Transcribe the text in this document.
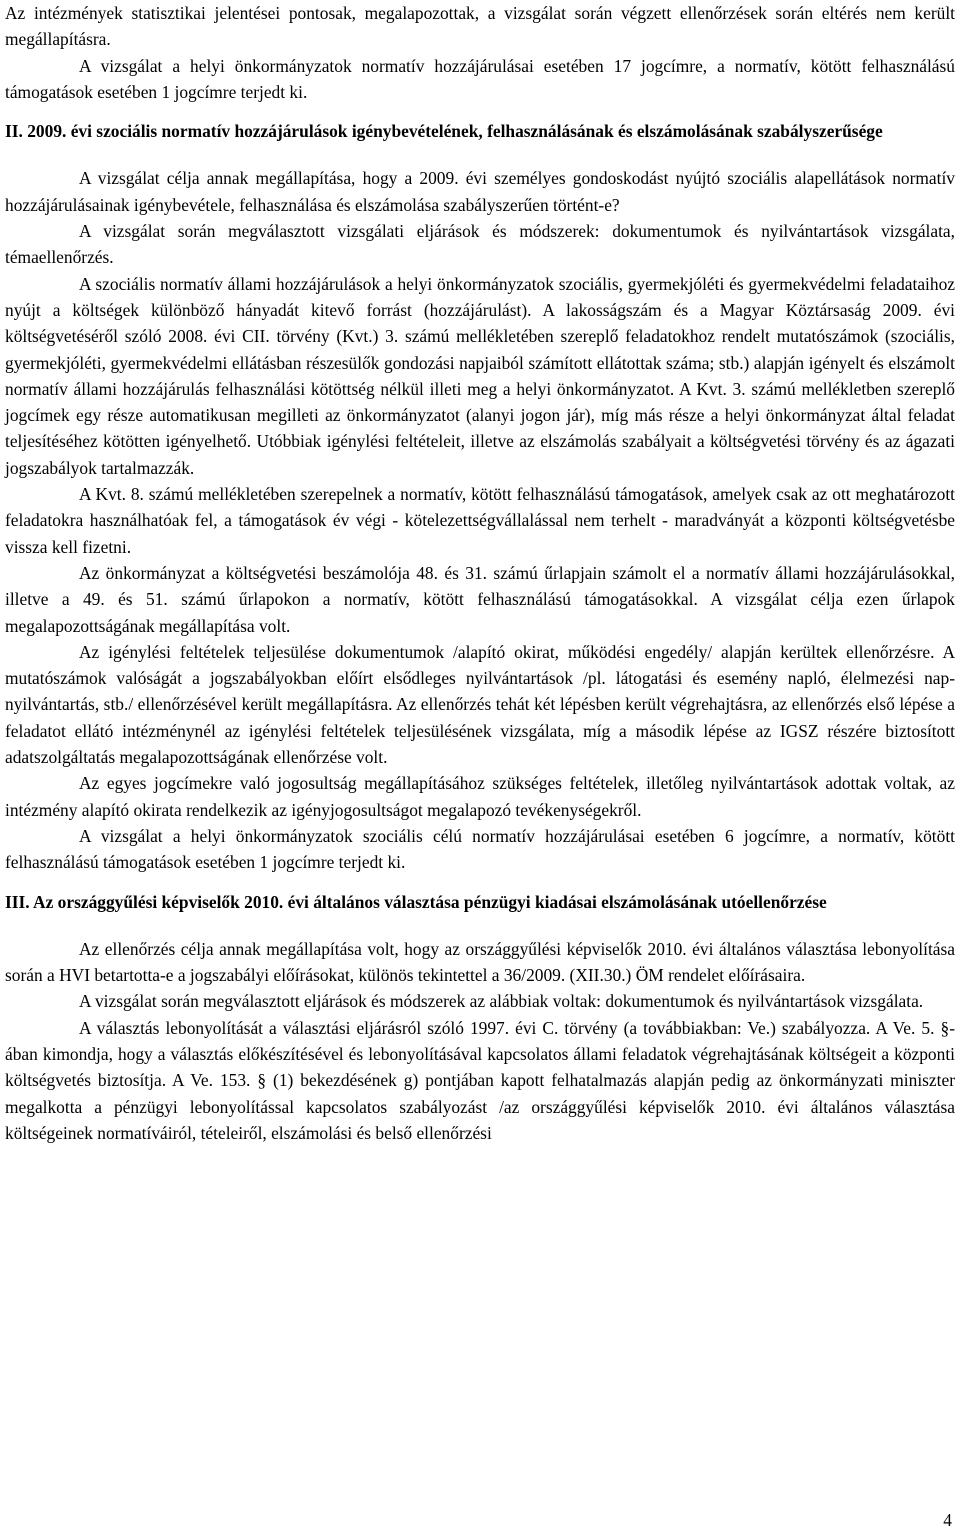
Az intézmények statisztikai jelentései pontosak, megalapozottak, a vizsgálat során végzett ellenőrzések során eltérés nem került megállapításra.

A vizsgálat a helyi önkormányzatok normatív hozzájárulásai esetében 17 jogcímre, a normatív, kötött felhasználású támogatások esetében 1 jogcímre terjedt ki.

II. 2009. évi szociális normatív hozzájárulások igénybevételének, felhasználásának és elszámolásának szabályszerűsége

A vizsgálat célja annak megállapítása, hogy a 2009. évi személyes gondoskodást nyújtó szociális alapellátások normatív hozzájárulásainak igénybevétele, felhasználása és elszámolása szabályszerűen történt-e?

A vizsgálat során megválasztott vizsgálati eljárások és módszerek: dokumentumok és nyilvántartások vizsgálata, témaellenőrzés.

A szociális normatív állami hozzájárulások a helyi önkormányzatok szociális, gyermekjóléti és gyermekvédelmi feladataihoz nyújt a költségek különböző hányadát kitevő forrást (hozzájárulást). A lakosságszám és a Magyar Köztársaság 2009. évi költségvetéséről szóló 2008. évi CII. törvény (Kvt.) 3. számú mellékletében szereplő feladatokhoz rendelt mutatószámok (szociális, gyermekjóléti, gyermekvédelmi ellátásban részesülők gondozási napjaiból számított ellátottak száma; stb.) alapján igényelt és elszámolt normatív állami hozzájárulás felhasználási kötöttség nélkül illeti meg a helyi önkormányzatot. A Kvt. 3. számú mellékletben szereplő jogcímek egy része automatikusan megilleti az önkormányzatot (alanyi jogon jár), míg más része a helyi önkormányzat által feladat teljesítéséhez kötötten igényelhető. Utóbbiak igénylési feltételeit, illetve az elszámolás szabályait a költségvetési törvény és az ágazati jogszabályok tartalmazzák.

A Kvt. 8. számú mellékletében szerepelnek a normatív, kötött felhasználású támogatások, amelyek csak az ott meghatározott feladatokra használhatóak fel, a támogatások év végi - kötelezettségvállalással nem terhelt - maradványát a központi költségvetésbe vissza kell fizetni.

Az önkormányzat a költségvetési beszámolója 48. és 31. számú űrlapjain számolt el a normatív állami hozzájárulásokkal, illetve a 49. és 51. számú űrlapokon a normatív, kötött felhasználású támogatásokkal. A vizsgálat célja ezen űrlapok megalapozottságának megállapítása volt.

Az igénylési feltételek teljesülése dokumentumok /alapító okirat, működési engedély/ alapján kerültek ellenőrzésre. A mutatószámok valóságát a jogszabályokban előírt elsődleges nyilvántartások /pl. látogatási és esemény napló, élelmezési nap-nyilvántartás, stb./ ellenőrzésével került megállapításra. Az ellenőrzés tehát két lépésben került végrehajtásra, az ellenőrzés első lépése a feladatot ellátó intézménynél az igénylési feltételek teljesülésének vizsgálata, míg a második lépése az IGSZ részére biztosított adatszolgáltatás megalapozottságának ellenőrzése volt.

Az egyes jogcímekre való jogosultság megállapításához szükséges feltételek, illetőleg nyilvántartások adottak voltak, az intézmény alapító okirata rendelkezik az igényjogosultságot megalapozó tevékenységekről.

A vizsgálat a helyi önkormányzatok szociális célú normatív hozzájárulásai esetében 6 jogcímre, a normatív, kötött felhasználású támogatások esetében 1 jogcímre terjedt ki.

III. Az országgyűlési képviselők 2010. évi általános választása pénzügyi kiadásai elszámolásának utóellenőrzése

Az ellenőrzés célja annak megállapítása volt, hogy az országgyűlési képviselők 2010. évi általános választása lebonyolítása során a HVI betartotta-e a jogszabályi előírásokat, különös tekintettel a 36/2009. (XII.30.) ÖM rendelet előírásaira.

A vizsgálat során megválasztott eljárások és módszerek az alábbiak voltak: dokumentumok és nyilvántartások vizsgálata.

A választás lebonyolítását a választási eljárásról szóló 1997. évi C. törvény (a továbbiakban: Ve.) szabályozza. A Ve. 5. §-ában kimondja, hogy a választás előkészítésével és lebonyolításával kapcsolatos állami feladatok végrehajtásának költségeit a központi költségvetés biztosítja. A Ve. 153. § (1) bekezdésének g) pontjában kapott felhatalmazás alapján pedig az önkormányzati miniszter megalkotta a pénzügyi lebonyolítással kapcsolatos szabályozást /az országgyűlési képviselők 2010. évi általános választása költségeinek normatíváiról, tételeiről, elszámolási és belső ellenőrzési

4
